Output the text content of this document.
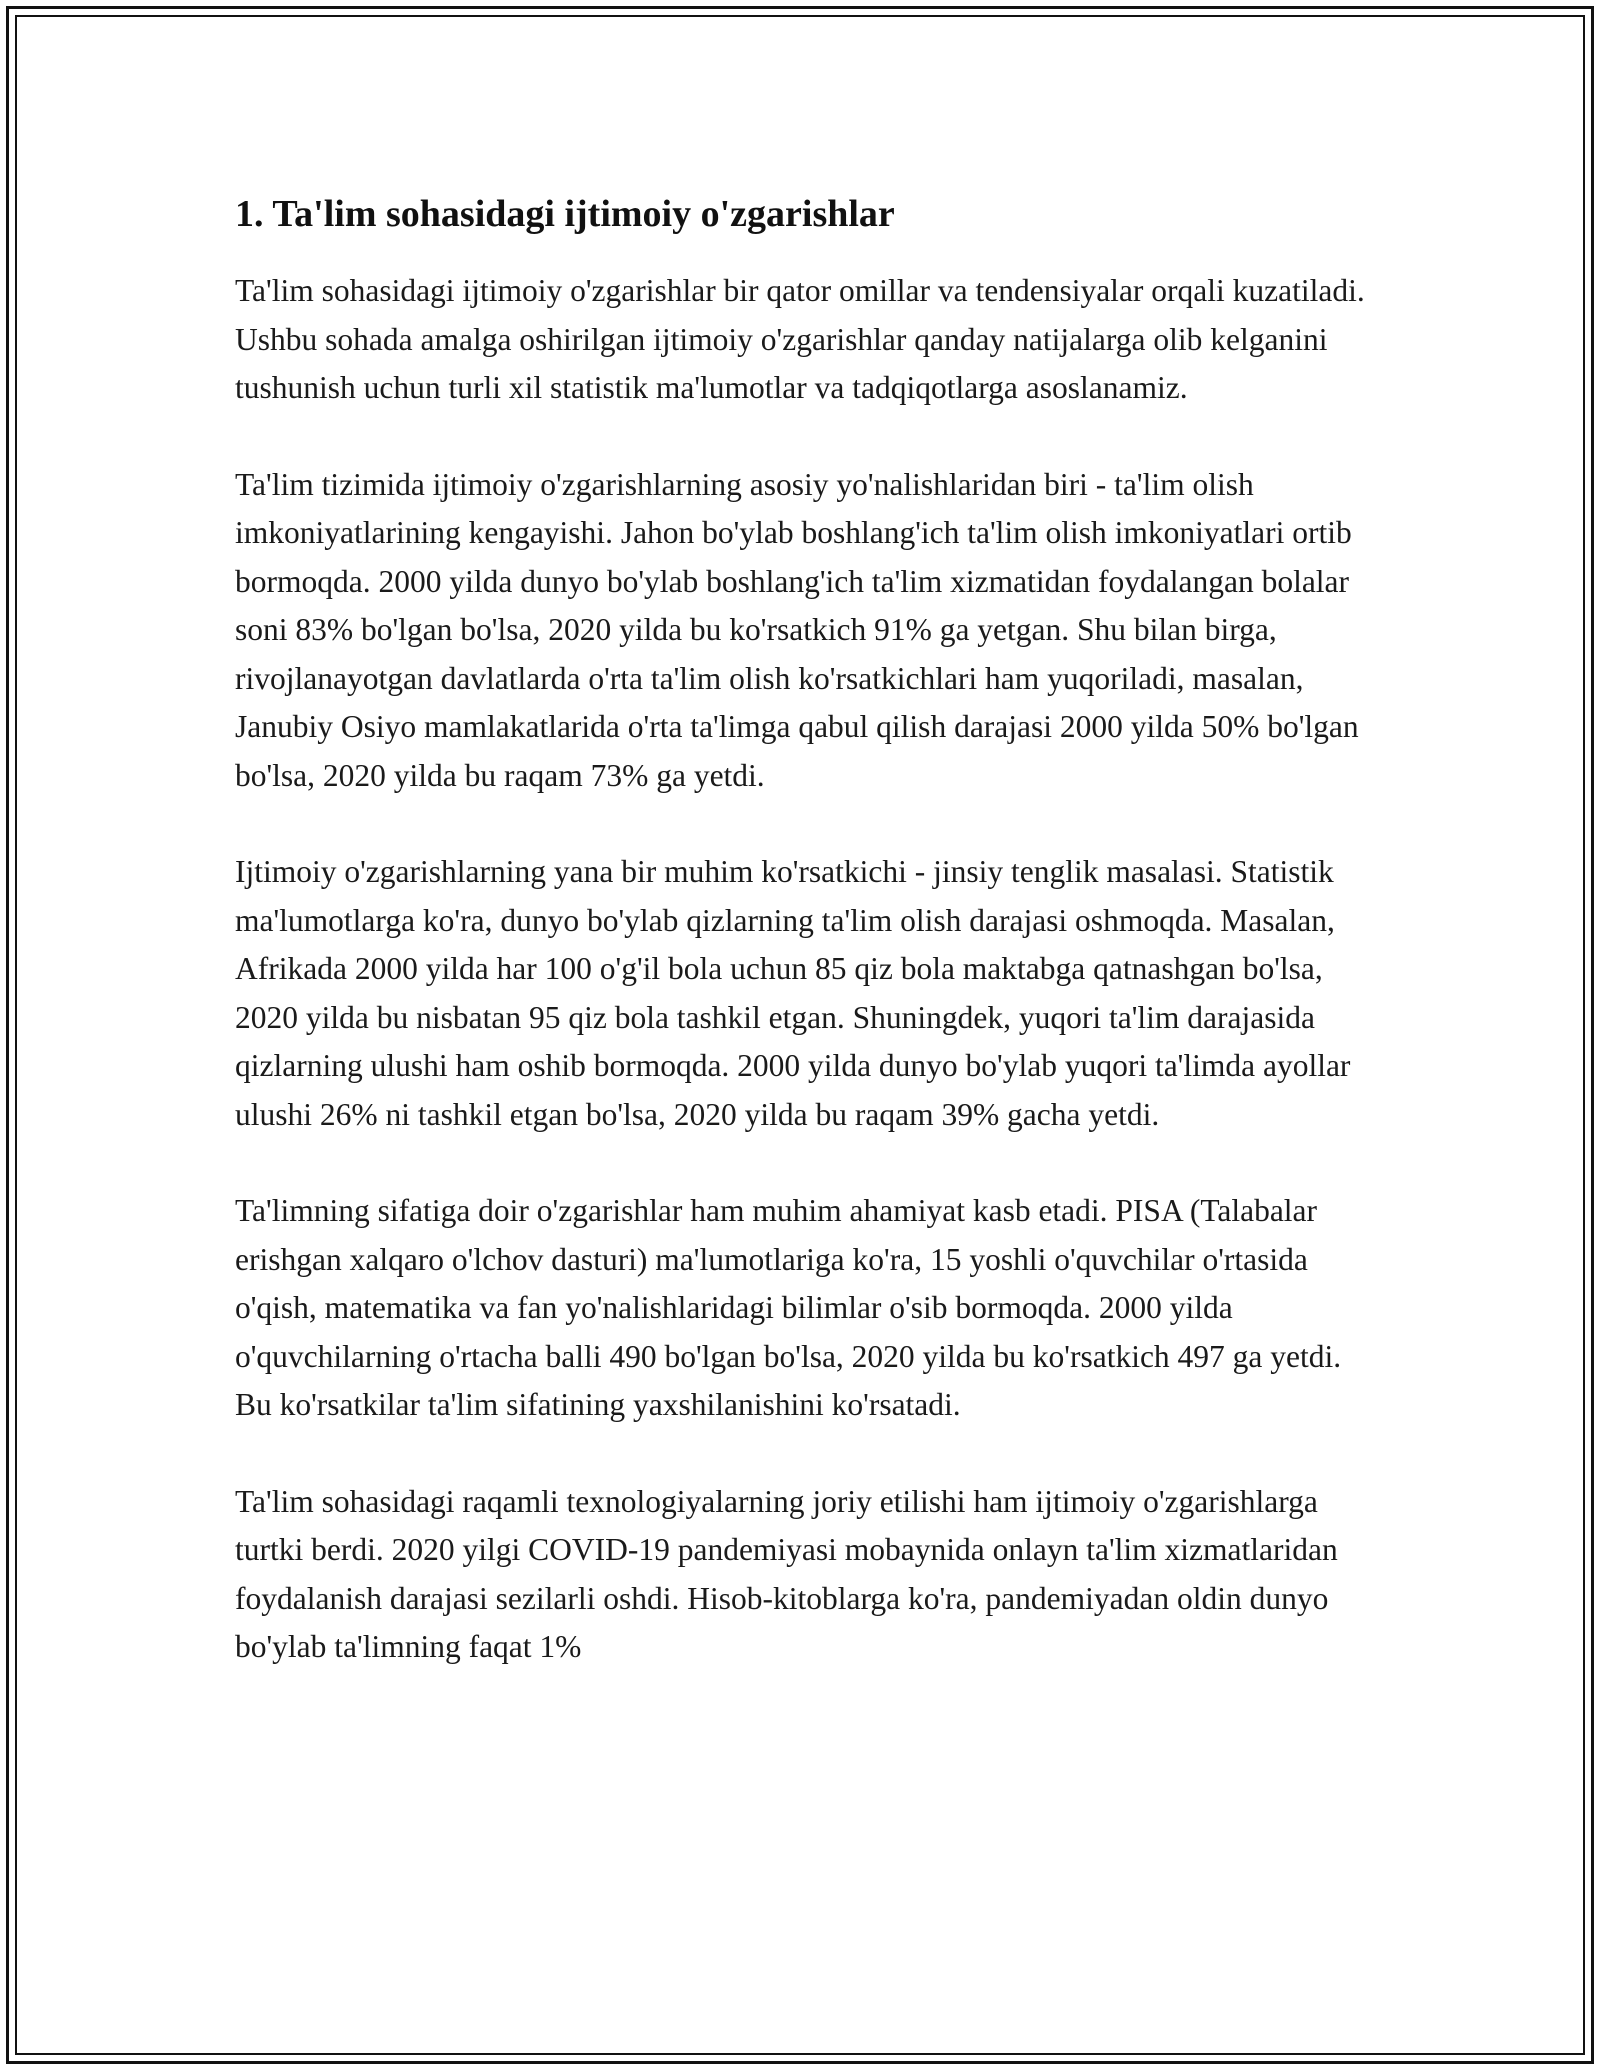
1. Ta'lim sohasidagi ijtimoiy o'zgarishlar

Ta'lim sohasidagi ijtimoiy o'zgarishlar bir qator omillar va tendensiyalar orqali kuzatiladi. Ushbu sohada amalga oshirilgan ijtimoiy o'zgarishlar qanday natijalarga olib kelganini tushunish uchun turli xil statistik ma'lumotlar va tadqiqotlarga asoslanamiz.

Ta'lim tizimida ijtimoiy o'zgarishlarning asosiy yo'nalishlaridan biri - ta'lim olish imkoniyatlarining kengayishi. Jahon bo'ylab boshlang'ich ta'lim olish imkoniyatlari ortib bormoqda. 2000 yilda dunyo bo'ylab boshlang'ich ta'lim xizmatidan foydalangan bolalar soni 83% bo'lgan bo'lsa, 2020 yilda bu ko'rsatkich 91% ga yetgan. Shu bilan birga, rivojlanayotgan davlatlarda o'rta ta'lim olish ko'rsatkichlari ham yuqoriladi, masalan, Janubiy Osiyo mamlakatlarida o'rta ta'limga qabul qilish darajasi 2000 yilda 50% bo'lgan bo'lsa, 2020 yilda bu raqam 73% ga yetdi.

Ijtimoiy o'zgarishlarning yana bir muhim ko'rsatkichi - jinsiy tenglik masalasi. Statistik ma'lumotlarga ko'ra, dunyo bo'ylab qizlarning ta'lim olish darajasi oshmoqda. Masalan, Afrikada 2000 yilda har 100 o'g'il bola uchun 85 qiz bola maktabga qatnashgan bo'lsa, 2020 yilda bu nisbatan 95 qiz bola tashkil etgan. Shuningdek, yuqori ta'lim darajasida qizlarning ulushi ham oshib bormoqda. 2000 yilda dunyo bo'ylab yuqori ta'limda ayollar ulushi 26% ni tashkil etgan bo'lsa, 2020 yilda bu raqam 39% gacha yetdi.

Ta'limning sifatiga doir o'zgarishlar ham muhim ahamiyat kasb etadi. PISA (Talabalar erishgan xalqaro o'lchov dasturi) ma'lumotlariga ko'ra, 15 yoshli o'quvchilar o'rtasida o'qish, matematika va fan yo'nalishlaridagi bilimlar o'sib bormoqda. 2000 yilda o'quvchilarning o'rtacha balli 490 bo'lgan bo'lsa, 2020 yilda bu ko'rsatkich 497 ga yetdi. Bu ko'rsatkilar ta'lim sifatining yaxshilanishini ko'rsatadi.

Ta'lim sohasidagi raqamli texnologiyalarning joriy etilishi ham ijtimoiy o'zgarishlarga turtki berdi. 2020 yilgi COVID-19 pandemiyasi mobaynida onlayn ta'lim xizmatlaridan foydalanish darajasi sezilarli oshdi. Hisob-kitoblarga ko'ra, pandemiyadan oldin dunyo bo'ylab ta'limning faqat 1%
